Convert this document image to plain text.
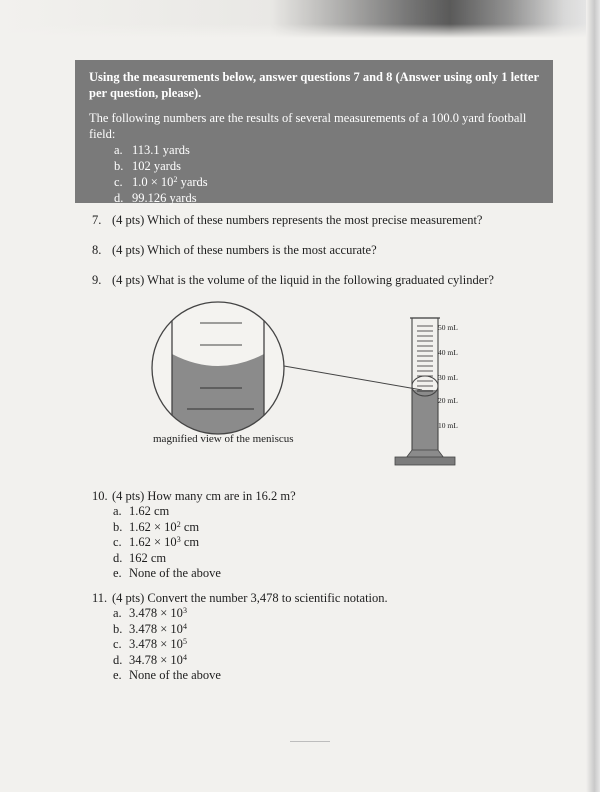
Using the measurements below, answer questions 7 and 8 (Answer using only 1 letter per question, please).

The following numbers are the results of several measurements of a 100.0 yard football field:

a. 113.1 yards
b. 102 yards
c. $1.0 \times 10^2$ yards
d. 99.126 yards

7. (4 pts) Which of these numbers represents the most precise measurement?

8. (4 pts) Which of these numbers is the most accurate?

9. (4 pts) What is the volume of the liquid in the following graduated cylinder?

50 mL
40 mL
30 mL
20 mL
10 mL
magnified view of the meniscus

10. (4 pts) How many cm are in 16.2 m?

a. 1.62 cm
b. $1.62 \times 10^2$ cm
c. $1.62 \times 10^3$ cm
d. 162 cm
e. None of the above

11. (4 pts) Convert the number 3,478 to scientific notation.

a. $3.478 \times 10^3$
b. $3.478 \times 10^4$
c. $3.478 \times 10^5$
d. $34.78 \times 10^4$
e. None of the above
